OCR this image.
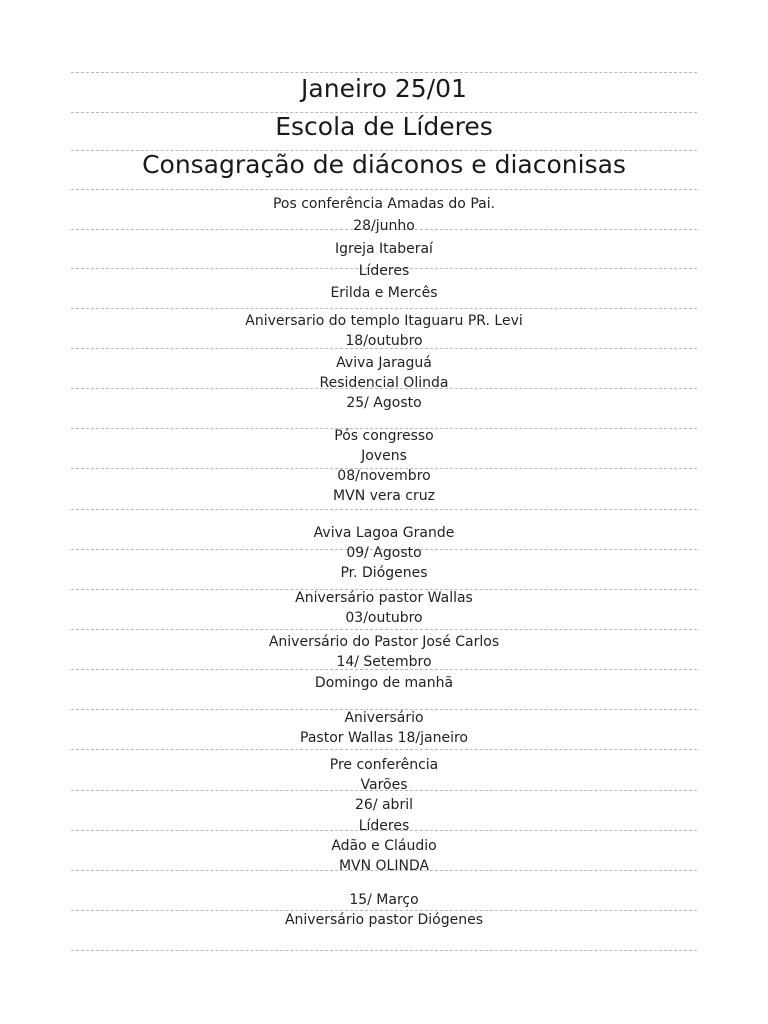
Janeiro 25/01
Escola de Líderes
Consagração de diáconos e diaconisas
Pos conferência Amadas do Pai.
28/junho
Igreja Itaberaí
Líderes
Erilda e Mercês
Aniversario do templo Itaguaru PR. Levi
18/outubro
Aviva Jaraguá
Residencial Olinda
25/ Agosto
Pós congresso
Jovens
08/novembro
MVN vera cruz
Aviva Lagoa Grande
09/ Agosto
Pr. Diógenes
Aniversário pastor Wallas
03/outubro
Aniversário do Pastor José Carlos
14/ Setembro
Domingo de manhã
Aniversário
Pastor Wallas 18/janeiro
Pre conferência
Varões
26/ abril
Líderes
Adão e Cláudio
MVN OLINDA
15/ Março
Aniversário pastor Diógenes
